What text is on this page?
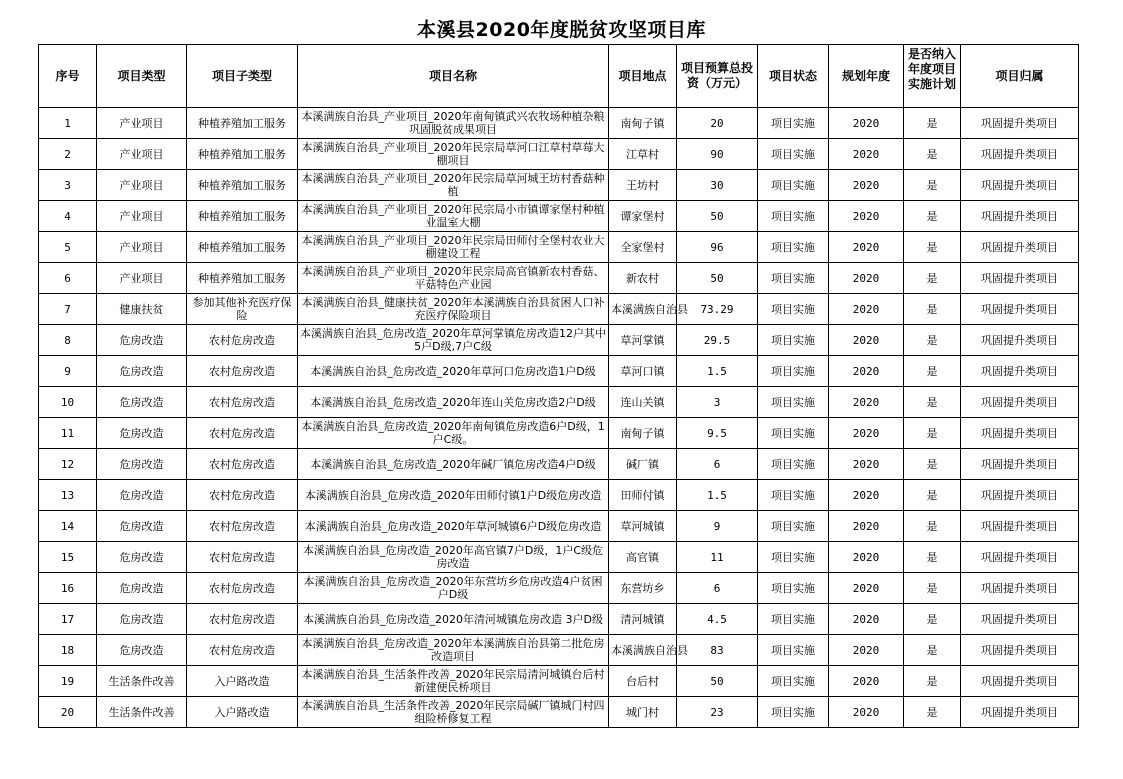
本溪县2020年度脱贫攻坚项目库
序号	项目类型	项目子类型	项目名称	项目地点	项目预算总投资（万元）	项目状态	规划年度	是否纳入年度项目实施计划	项目归属
1	产业项目	种植养殖加工服务	本溪满族自治县_产业项目_2020年南甸镇武兴农牧场种植杂粮巩固脱贫成果项目	南甸子镇	20	项目实施	2020	是	巩固提升类项目
2	产业项目	种植养殖加工服务	本溪满族自治县_产业项目_2020年民宗局草河口江草村草莓大棚项目	江草村	90	项目实施	2020	是	巩固提升类项目
3	产业项目	种植养殖加工服务	本溪满族自治县_产业项目_2020年民宗局草河城王坊村香菇种植	王坊村	30	项目实施	2020	是	巩固提升类项目
4	产业项目	种植养殖加工服务	本溪满族自治县_产业项目_2020年民宗局小市镇谭家堡村种植业温室大棚	谭家堡村	50	项目实施	2020	是	巩固提升类项目
5	产业项目	种植养殖加工服务	本溪满族自治县_产业项目_2020年民宗局田师付全堡村农业大棚建设工程	全家堡村	96	项目实施	2020	是	巩固提升类项目
6	产业项目	种植养殖加工服务	本溪满族自治县_产业项目_2020年民宗局高官镇新农村香菇、平菇特色产业园	新农村	50	项目实施	2020	是	巩固提升类项目
7	健康扶贫	参加其他补充医疗保险	本溪满族自治县_健康扶贫_2020年本溪满族自治县贫困人口补充医疗保险项目	本溪满族自治县	73.29	项目实施	2020	是	巩固提升类项目
8	危房改造	农村危房改造	本溪满族自治县_危房改造_2020年草河掌镇危房改造12户其中5户D级,7户C级	草河掌镇	29.5	项目实施	2020	是	巩固提升类项目
9	危房改造	农村危房改造	本溪满族自治县_危房改造_2020年草河口危房改造1户D级	草河口镇	1.5	项目实施	2020	是	巩固提升类项目
10	危房改造	农村危房改造	本溪满族自治县_危房改造_2020年连山关危房改造2户D级	连山关镇	3	项目实施	2020	是	巩固提升类项目
11	危房改造	农村危房改造	本溪满族自治县_危房改造_2020年南甸镇危房改造6户D级，1户C级。	南甸子镇	9.5	项目实施	2020	是	巩固提升类项目
12	危房改造	农村危房改造	本溪满族自治县_危房改造_2020年碱厂镇危房改造4户D级	碱厂镇	6	项目实施	2020	是	巩固提升类项目
13	危房改造	农村危房改造	本溪满族自治县_危房改造_2020年田师付镇1户D级危房改造	田师付镇	1.5	项目实施	2020	是	巩固提升类项目
14	危房改造	农村危房改造	本溪满族自治县_危房改造_2020年草河城镇6户D级危房改造	草河城镇	9	项目实施	2020	是	巩固提升类项目
15	危房改造	农村危房改造	本溪满族自治县_危房改造_2020年高官镇7户D级，1户C级危房改造	高官镇	11	项目实施	2020	是	巩固提升类项目
16	危房改造	农村危房改造	本溪满族自治县_危房改造_2020年东营坊乡危房改造4户贫困户D级	东营坊乡	6	项目实施	2020	是	巩固提升类项目
17	危房改造	农村危房改造	本溪满族自治县_危房改造_2020年清河城镇危房改造 3户D级	清河城镇	4.5	项目实施	2020	是	巩固提升类项目
18	危房改造	农村危房改造	本溪满族自治县_危房改造_2020年本溪满族自治县第二批危房改造项目	本溪满族自治县	83	项目实施	2020	是	巩固提升类项目
19	生活条件改善	入户路改造	本溪满族自治县_生活条件改善_2020年民宗局清河城镇台后村新建便民桥项目	台后村	50	项目实施	2020	是	巩固提升类项目
20	生活条件改善	入户路改造	本溪满族自治县_生活条件改善_2020年民宗局碱厂镇城门村四组险桥修复工程	城门村	23	项目实施	2020	是	巩固提升类项目
